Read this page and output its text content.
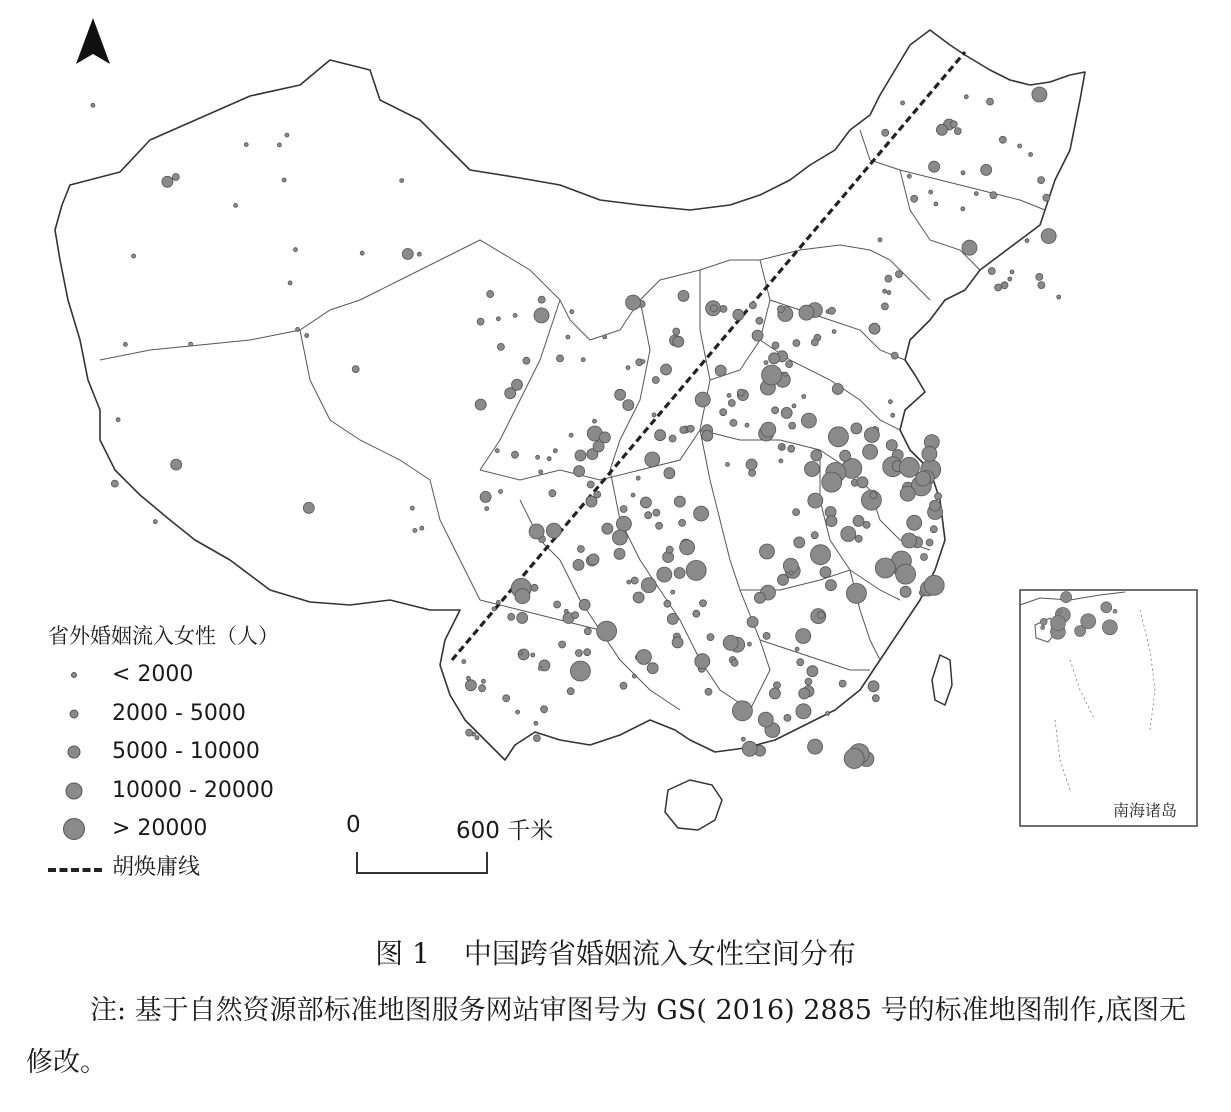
南海诸岛
省外婚姻流入女性（人）
< 2000
2000 - 5000
5000 - 10000
10000 - 20000
> 20000
胡焕庸线
0	600 千米
图 1 中国跨省婚姻流入女性空间分布
注: 基于自然资源部标准地图服务网站审图号为 GS( 2016) 2885 号的标准地图制作,底图无修改。
